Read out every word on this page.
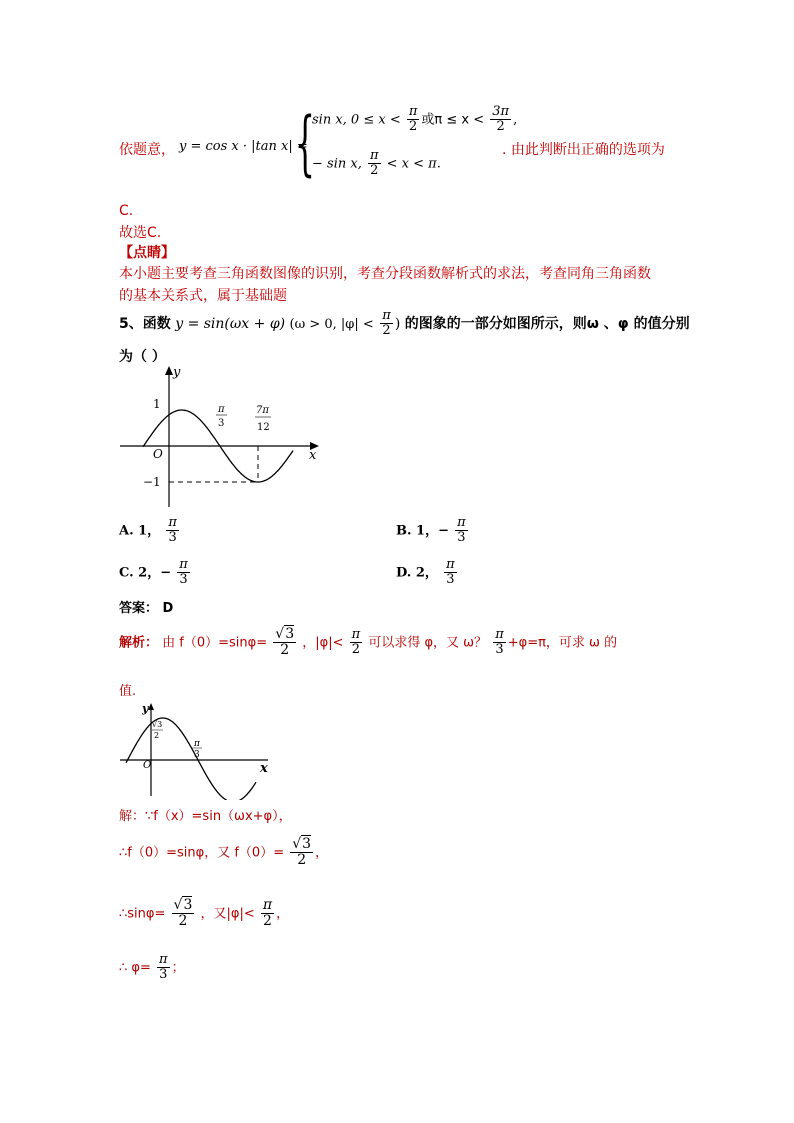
依题意， y = cos x · |tan x| =
{
sin x, $0 \le x < \frac{\pi}{2}$ 或$\pi \le x < \frac{3\pi}{2}$ ,
− sin x, $\frac{\pi}{2} < x < \pi$.
. 由此判断出正确的选项为
C.
故选C.
【点睛】
本小题主要考查三角函数图像的识别，考查分段函数解析式的求法，考查同角三角函数
的基本关系式，属于基础题
5、函数 y = sin(ωx + φ) (ω > 0, $|\varphi| < \frac{\pi}{2}$ ) 的图象的一部分如图所示，则ω 、φ 的值分别
为（ ）
y
x
O
1
−1
π
3
7π
12
A. 1， $\frac{\pi}{3}$	B. 1，− $\frac{\pi}{3}$
C. 2，− $\frac{\pi}{3}$	D. 2， $\frac{\pi}{3}$
答案： D
解析： 由 $f(0)=\sin\varphi= \frac{√3}{2}$ ，$|\varphi|< \frac{\pi}{2}$ 可以求得 φ，又 ω？ $\frac{\pi}{3} +\varphi=\pi$，可求 ω 的
值.
y
x
O
√3
2
π
3
解：∵f（x）=sin（ωx+φ），
∴f（0）=sinφ，又 $f(0)= \frac{√3}{2}$ ，
∴sinφ= $\frac{√3}{2}$ ，又$|\varphi|< \frac{\pi}{2}$ ，
∴ $\varphi= \frac{\pi}{3}$ ；
